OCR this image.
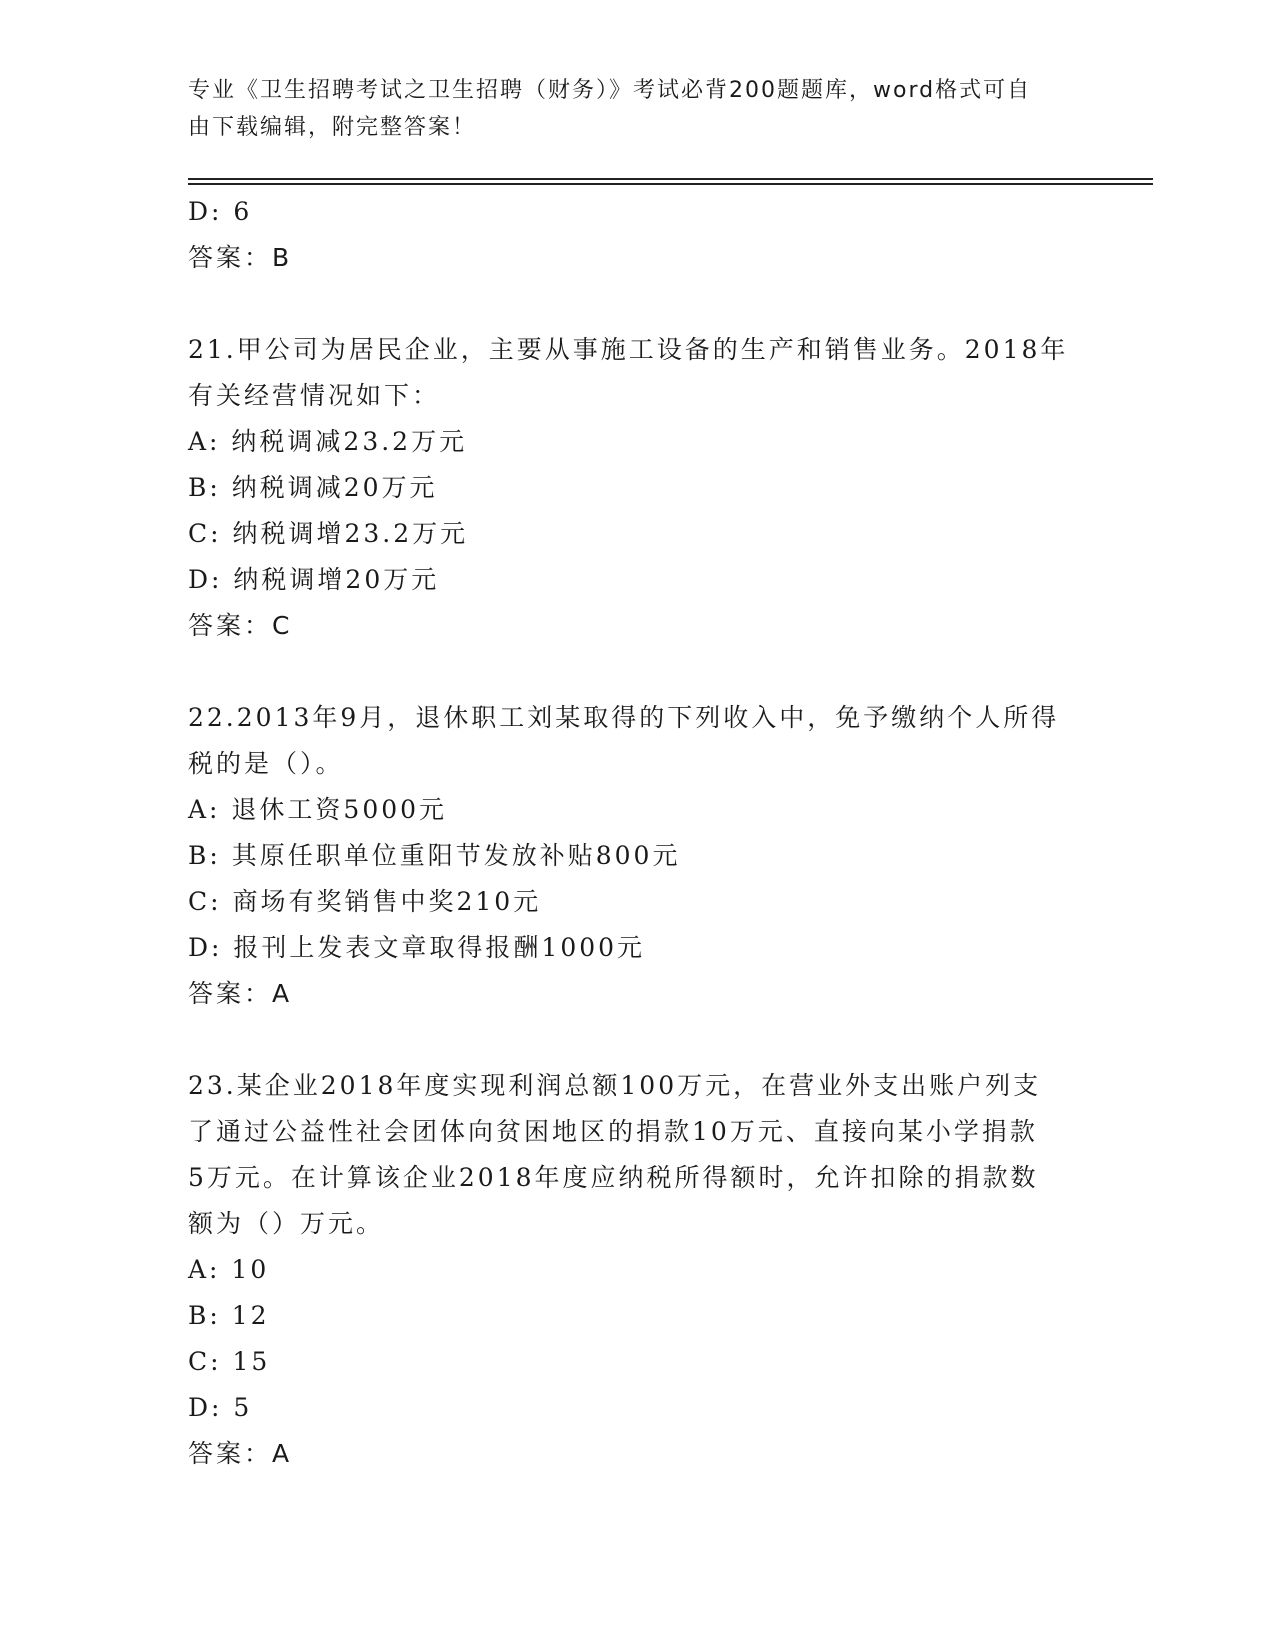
专业《卫生招聘考试之卫生招聘（财务）》考试必背200题题库，word格式可自
由下载编辑，附完整答案！
D: 6
答案：B
21.甲公司为居民企业，主要从事施工设备的生产和销售业务。2018年
有关经营情况如下：
A: 纳税调减23.2万元
B: 纳税调减20万元
C: 纳税调增23.2万元
D: 纳税调增20万元
答案：C
22.2013年9月，退休职工刘某取得的下列收入中，免予缴纳个人所得
税的是（）。
A: 退休工资5000元
B: 其原任职单位重阳节发放补贴800元
C: 商场有奖销售中奖210元
D: 报刊上发表文章取得报酬1000元
答案：A
23.某企业2018年度实现利润总额100万元，在营业外支出账户列支
了通过公益性社会团体向贫困地区的捐款10万元、直接向某小学捐款
5万元。在计算该企业2018年度应纳税所得额时，允许扣除的捐款数
额为（）万元。
A: 10
B: 12
C: 15
D: 5
答案：A
